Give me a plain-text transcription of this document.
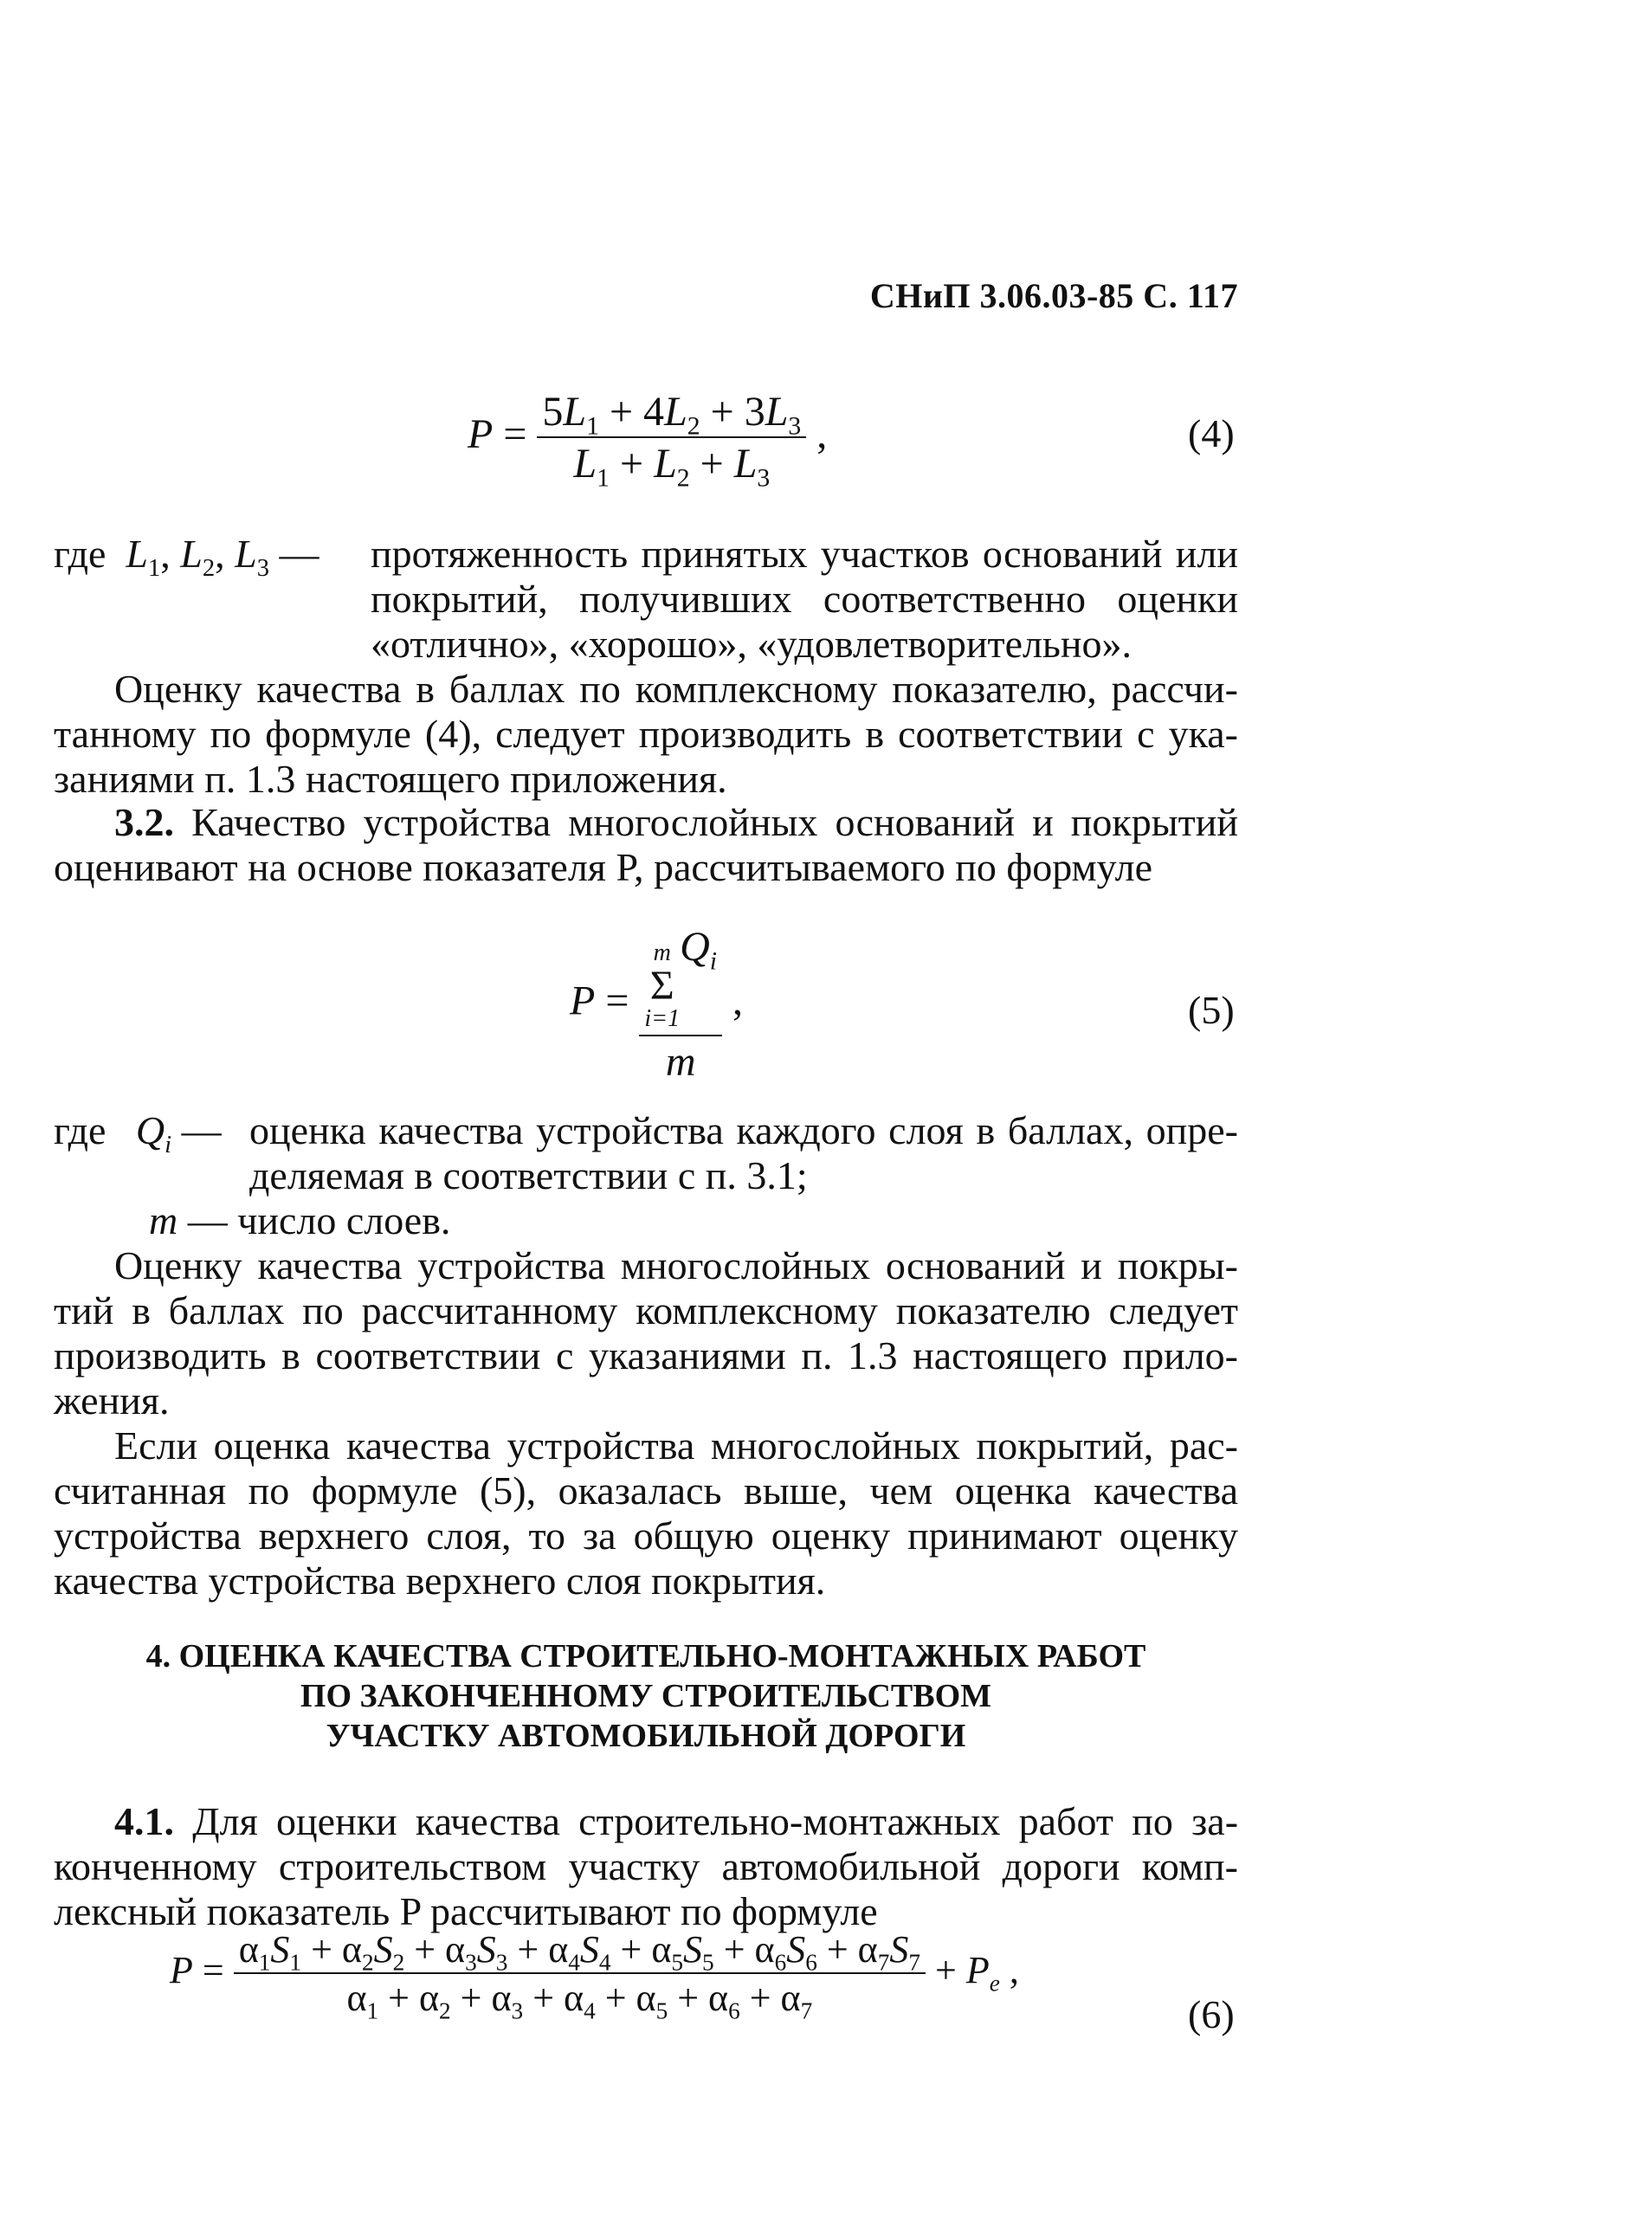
СНиП 3.06.03-85 С. 117
$P = \frac{5L_1 + 4L_2 + 3L_3}{L_1 + L_2 + L_3}$ ,	(4)
где $L_1$, $L_2$, $L_3$ — протяженность принятых участков оснований или
покрытий, получивших соответственно оценки
«отлично», «хорошо», «удовлетворительно».
Оценку качества в баллах по комплексному показателю, рассчи-
танному по формуле (4), следует производить в соответствии с ука-
заниями п. 1.3 настоящего приложения.
3.2. Качество устройства многослойных оснований и покрытий
оценивают на основе показателя P, рассчитываемого по формуле
P = m
Σ
i=1
$Q_i$
m ,	(5)
где $Q_i$ — оценка качества устройства каждого слоя в баллах, опре-
деляемая в соответствии с п. 3.1;
m — число слоев.
Оценку качества устройства многослойных оснований и покры-
тий в баллах по рассчитанному комплексному показателю следует
производить в соответствии с указаниями п. 1.3 настоящего прило-
жения.
Если оценка качества устройства многослойных покрытий, рас-
считанная по формуле (5), оказалась выше, чем оценка качества
устройства верхнего слоя, то за общую оценку принимают оценку
качества устройства верхнего слоя покрытия.
4. ОЦЕНКА КАЧЕСТВА СТРОИТЕЛЬНО-МОНТАЖНЫХ РАБОТ
ПО ЗАКОНЧЕННОМУ СТРОИТЕЛЬСТВОМ
УЧАСТКУ АВТОМОБИЛЬНОЙ ДОРОГИ
4.1. Для оценки качества строительно-монтажных работ по за-
конченному строительством участку автомобильной дороги комп-
лексный показатель P рассчитывают по формуле
$P = \frac{\alpha_1S_1 + \alpha_2S_2 + \alpha_3S_3 + \alpha_4S_4 + \alpha_5S_5 + \alpha_6S_6 + \alpha_7S_7}{\alpha_1 + \alpha_2 + \alpha_3 + \alpha_4 + \alpha_5 + \alpha_6 + \alpha_7} + P_e$ ,
(6)
